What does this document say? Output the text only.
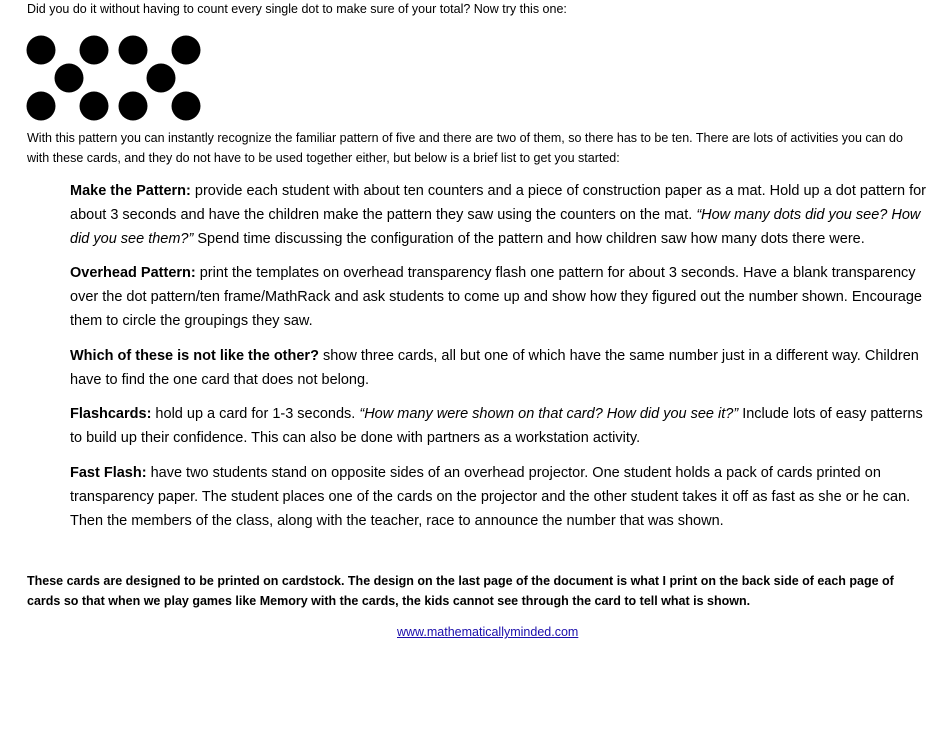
Did you do it without having to count every single dot to make sure of your total? Now try this one:
With this pattern you can instantly recognize the familiar pattern of five and there are two of them, so there has to be ten. There are lots of activities you can do with these cards, and they do not have to be used together either, but below is a brief list to get you started:
Make the Pattern: provide each student with about ten counters and a piece of construction paper as a mat. Hold up a dot pattern for about 3 seconds and have the children make the pattern they saw using the counters on the mat. “How many dots did you see? How did you see them?” Spend time discussing the configuration of the pattern and how children saw how many dots there were.
Overhead Pattern: print the templates on overhead transparency flash one pattern for about 3 seconds. Have a blank transparency over the dot pattern/ten frame/MathRack and ask students to come up and show how they figured out the number shown. Encourage them to circle the groupings they saw.
Which of these is not like the other? show three cards, all but one of which have the same number just in a different way. Children have to find the one card that does not belong.
Flashcards: hold up a card for 1-3 seconds. “How many were shown on that card? How did you see it?” Include lots of easy patterns to build up their confidence. This can also be done with partners as a workstation activity.
Fast Flash: have two students stand on opposite sides of an overhead projector. One student holds a pack of cards printed on transparency paper. The student places one of the cards on the projector and the other student takes it off as fast as she or he can. Then the members of the class, along with the teacher, race to announce the number that was shown.
These cards are designed to be printed on cardstock. The design on the last page of the document is what I print on the back side of each page of cards so that when we play games like Memory with the cards, the kids cannot see through the card to tell what is shown.
www.mathematicallyminded.com
